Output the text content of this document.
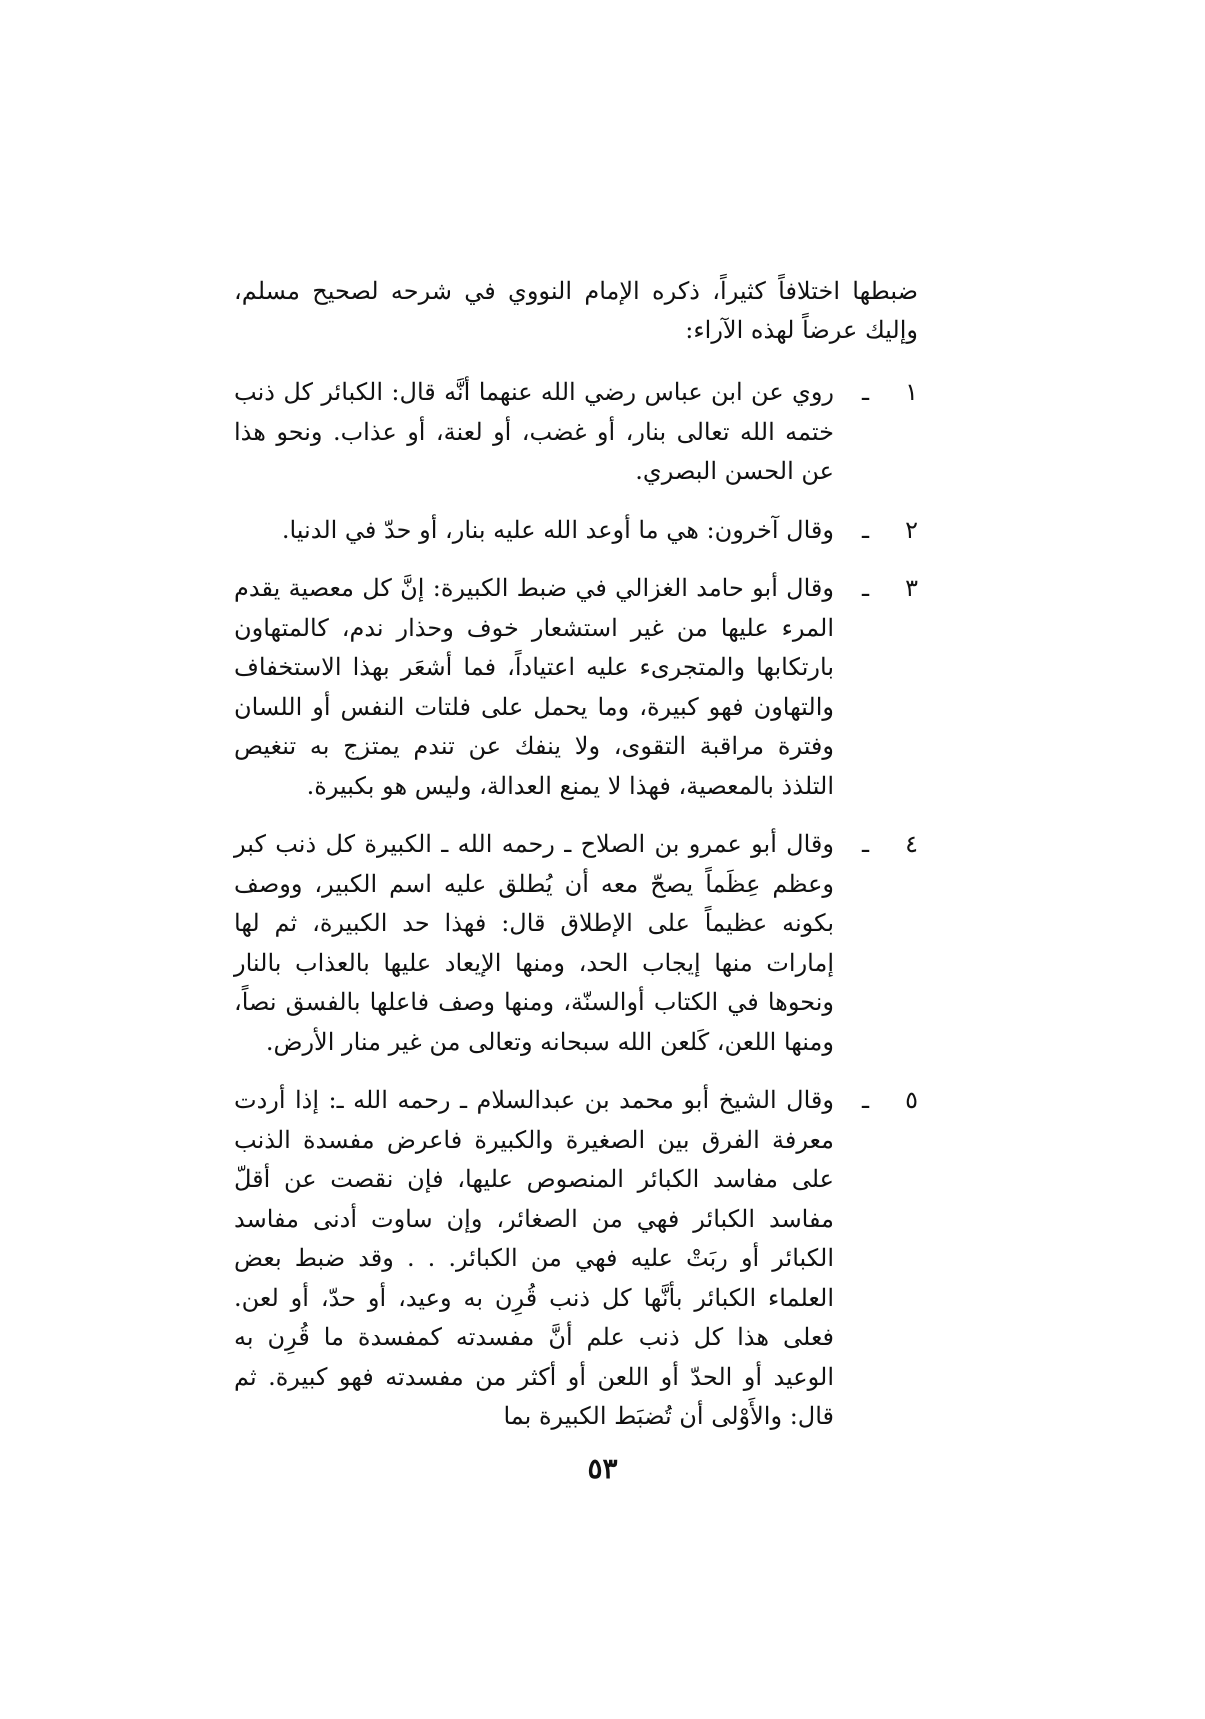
ضبطها اختلافاً كثيراً، ذكره الإمام النووي في شرحه لصحيح مسلم، وإليك عرضاً لهذه الآراء:

١
ـ
روي عن ابن عباس رضي الله عنهما أنَّه قال: الكبائر كل ذنب ختمه الله تعالى بنار، أو غضب، أو لعنة، أو عذاب. ونحو هذا عن الحسن البصري.
٢
ـ
وقال آخرون: هي ما أوعد الله عليه بنار، أو حدّ في الدنيا.
٣
ـ
وقال أبو حامد الغزالي في ضبط الكبيرة: إنَّ كل معصية يقدم المرء عليها من غير استشعار خوف وحذار ندم، كالمتهاون بارتكابها والمتجرىء عليه اعتياداً، فما أشعَر بهذا الاستخفاف والتهاون فهو كبيرة، وما يحمل على فلتات النفس أو اللسان وفترة مراقبة التقوى، ولا ينفك عن تندم يمتزج به تنغيص التلذذ بالمعصية، فهذا لا يمنع العدالة، وليس هو بكبيرة.
٤
ـ
وقال أبو عمرو بن الصلاح ـ رحمه الله ـ الكبيرة كل ذنب كبر وعظم عِظَماً يصحّ معه أن يُطلق عليه اسم الكبير، ووصف بكونه عظيماً على الإطلاق قال: فهذا حد الكبيرة، ثم لها إمارات منها إيجاب الحد، ومنها الإيعاد عليها بالعذاب بالنار ونحوها في الكتاب أوالسنّة، ومنها وصف فاعلها بالفسق نصاً، ومنها اللعن، كَلعن الله سبحانه وتعالى من غير منار الأرض.
٥
ـ
وقال الشيخ أبو محمد بن عبدالسلام ـ رحمه الله ـ: إذا أردت معرفة الفرق بين الصغيرة والكبيرة فاعرض مفسدة الذنب على مفاسد الكبائر المنصوص عليها، فإن نقصت عن أقلّ مفاسد الكبائر فهي من الصغائر، وإن ساوت أدنى مفاسد الكبائر أو ربَتْ عليه فهي من الكبائر. . . وقد ضبط بعض العلماء الكبائر بأنَّها كل ذنب قُرِن به وعيد، أو حدّ، أو لعن. فعلى هذا كل ذنب علم أنَّ مفسدته كمفسدة ما قُرِن به الوعيد أو الحدّ أو اللعن أو أكثر من مفسدته فهو كبيرة. ثم قال: والأَوْلى أن تُضبَط الكبيرة بما
٥٣
